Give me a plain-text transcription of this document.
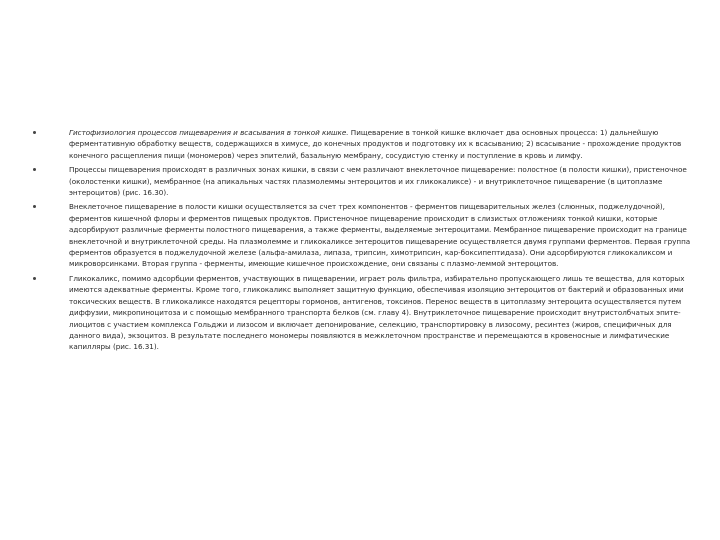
Гистофизиология процессов пищеварения и всасывания в тонкой кишке. Пищеварение в тонкой кишке включает два основных процесса: 1) дальнейшую ферментативную обработку веществ, содержащихся в химусе, до конечных продуктов и подготовку их к всасыванию; 2) всасывание - прохождение продуктов конечного расщепления пищи (мономеров) через эпителий, базальную мембрану, сосудистую стенку и поступление в кровь и лимфу.
Процессы пищеварения происходят в различных зонах кишки, в связи с чем различают внеклеточное пищеварение: полостное (в полости кишки), пристеночное (околостенки кишки), мембранное (на апикальных частях плазмолеммы энтероцитов и их гликокаликсе) - и внутриклеточное пищеварение (в цитоплазме энтероцитов) (рис. 16.30).
Внеклеточное пищеварение в полости кишки осуществляется за счет трех компонентов - ферментов пищеварительных желез (слюнных, поджелудочной), ферментов кишечной флоры и ферментов пищевых продуктов. Пристеночное пищеварение происходит в слизистых отложениях тонкой кишки, которые адсорбируют различные ферменты полостного пищеварения, а также ферменты, выделяемые энтероцитами. Мембранное пищеварение происходит на границе внеклеточной и внутриклеточной среды. На плазмолемме и гликокаликсе энтероцитов пищеварение осуществляется двумя группами ферментов. Первая группа ферментов образуется в поджелудочной железе (альфа-амилаза, липаза, трипсин, химотрипсин, кар-боксипептидаза). Они адсорбируются гликокаликсом и микроворсинками. Вторая группа - ферменты, имеющие кишечное происхождение, они связаны с плазмо-леммой энтероцитов.
Гликокаликс, помимо адсорбции ферментов, участвующих в пищеварении, играет роль фильтра, избирательно пропускающего лишь те вещества, для которых имеются адекватные ферменты. Кроме того, гликокаликс выполняет защитную функцию, обеспечивая изоляцию энтероцитов от бактерий и образованных ими токсических веществ. В гликокаликсе находятся рецепторы гормонов, антигенов, токсинов. Перенос веществ в цитоплазму энтероцита осуществляется путем диффузии, микропиноцитоза и с помощью мембранного транспорта белков (см. главу 4). Внутриклеточное пищеварение происходит внутристолбчатых эпите-лиоцитов с участием комплекса Гольджи и лизосом и включает депонирование, селекцию, транспортировку в лизосому, ресинтез (жиров, специфичных для данного вида), экзоцитоз. В результате последнего мономеры появляются в межклеточном пространстве и перемещаются в кровеносные и лимфатические капилляры (рис. 16.31).
